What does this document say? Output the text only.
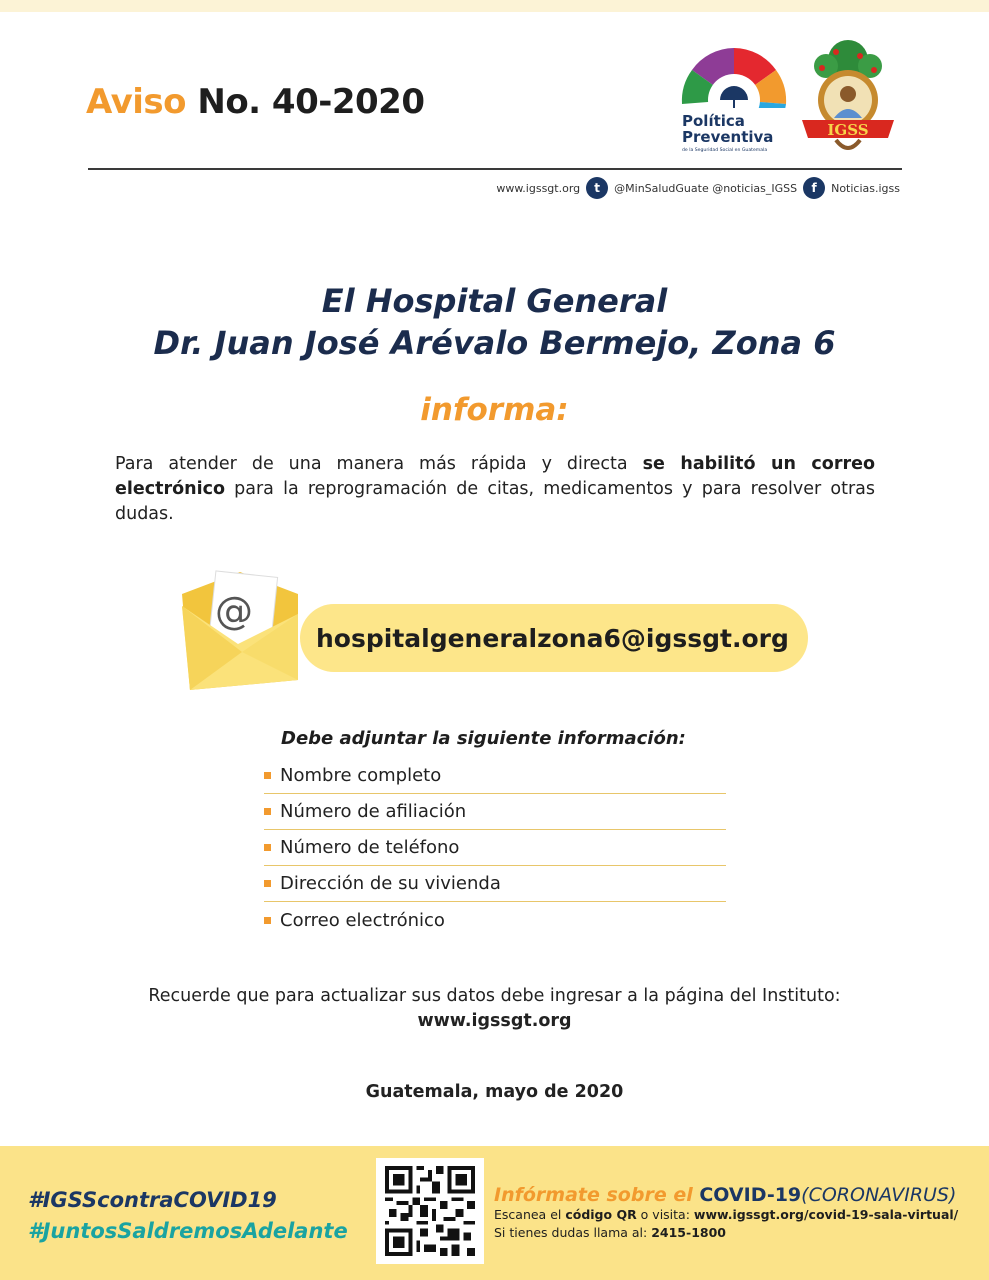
Aviso No. 40-2020	Política
Preventiva
de la Seguridad Social en Guatemala
IGSS
www.igssgt.org	t	@MinSaludGuate @noticias_IGSS	f	Noticias.igss
El Hospital General
Dr. Juan José Arévalo Bermejo, Zona 6
informa:
Para atender de una manera más rápida y directa se habilitó un correo electrónico para la reprogramación de citas, medicamentos y para resolver otras dudas.
@
hospitalgeneralzona6@igssgt.org
Debe adjuntar la siguiente información:
Nombre completo
Número de afiliación
Número de teléfono
Dirección de su vivienda
Correo electrónico
Recuerde que para actualizar sus datos debe ingresar a la página del Instituto:
www.igssgt.org
Guatemala, mayo de 2020
#IGSScontraCOVID19
#JuntosSaldremosAdelante
Infórmate sobre el COVID-19(CORONAVIRUS)
Escanea el código QR o visita: www.igssgt.org/covid-19-sala-virtual/
Si tienes dudas llama al: 2415-1800
